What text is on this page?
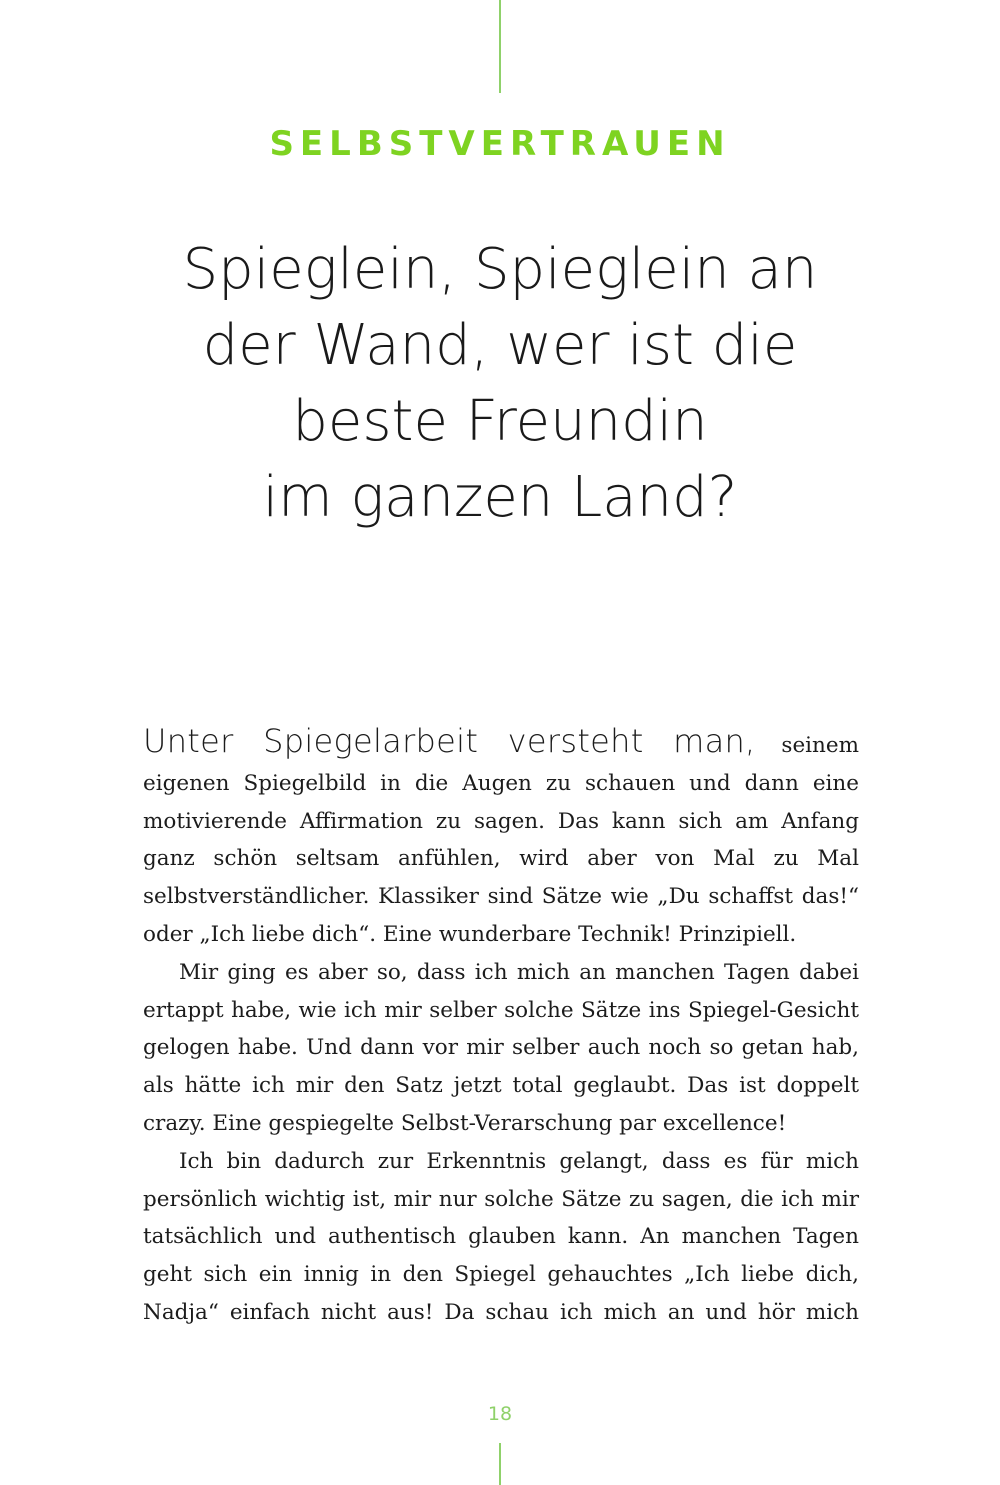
SELBSTVERTRAUEN
Spieglein, Spieglein an
der Wand, wer ist die
beste Freundin
im ganzen Land?

Unter Spiegelarbeit versteht man, seinem eigenen Spiegelbild in die Augen zu schauen und dann eine motivierende Affirmation zu sagen. Das kann sich am Anfang ganz schön seltsam anfühlen, wird aber von Mal zu Mal selbstverständlicher. Klassiker sind Sätze wie „Du schaffst das!“ oder „Ich liebe dich“. Eine wunderbare Technik! Prinzipiell.

Mir ging es aber so, dass ich mich an manchen Tagen dabei ertappt habe, wie ich mir selber solche Sätze ins Spiegel-Gesicht gelogen habe. Und dann vor mir selber auch noch so getan hab, als hätte ich mir den Satz jetzt total geglaubt. Das ist doppelt crazy. Eine gespiegelte Selbst-Verarschung par excellence!

Ich bin dadurch zur Erkenntnis gelangt, dass es für mich persönlich wichtig ist, mir nur solche Sätze zu sagen, die ich mir tatsächlich und authentisch glauben kann. An manchen Tagen geht sich ein innig in den Spiegel gehauchtes „Ich liebe dich, Nadja“ einfach nicht aus! Da schau ich mich an und hör mich

18
